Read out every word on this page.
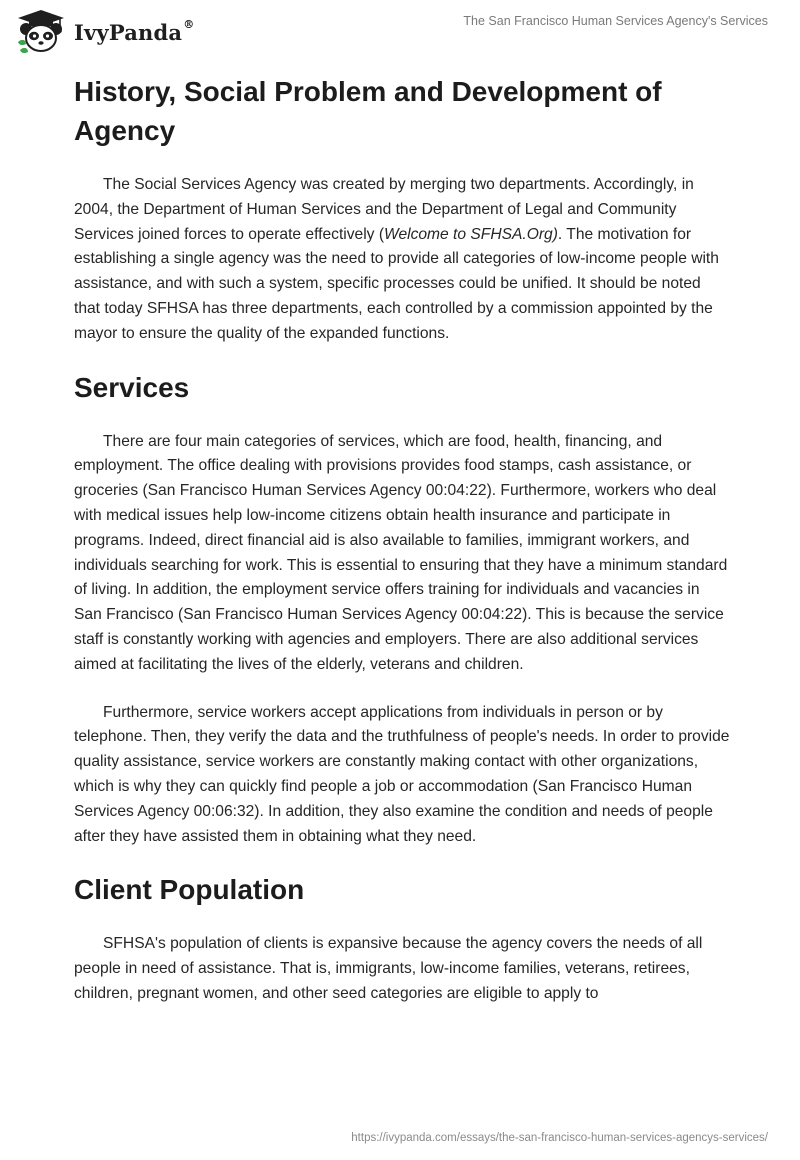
IvyPanda®	The San Francisco Human Services Agency's Services
History, Social Problem and Development of Agency

The Social Services Agency was created by merging two departments. Accordingly, in 2004, the Department of Human Services and the Department of Legal and Community Services joined forces to operate effectively (Welcome to SFHSA.Org). The motivation for establishing a single agency was the need to provide all categories of low-income people with assistance, and with such a system, specific processes could be unified. It should be noted that today SFHSA has three departments, each controlled by a commission appointed by the mayor to ensure the quality of the expanded functions.

Services

There are four main categories of services, which are food, health, financing, and employment. The office dealing with provisions provides food stamps, cash assistance, or groceries (San Francisco Human Services Agency 00:04:22). Furthermore, workers who deal with medical issues help low-income citizens obtain health insurance and participate in programs. Indeed, direct financial aid is also available to families, immigrant workers, and individuals searching for work. This is essential to ensuring that they have a minimum standard of living. In addition, the employment service offers training for individuals and vacancies in San Francisco (San Francisco Human Services Agency 00:04:22). This is because the service staff is constantly working with agencies and employers. There are also additional services aimed at facilitating the lives of the elderly, veterans and children.

Furthermore, service workers accept applications from individuals in person or by telephone. Then, they verify the data and the truthfulness of people's needs. In order to provide quality assistance, service workers are constantly making contact with other organizations, which is why they can quickly find people a job or accommodation (San Francisco Human Services Agency 00:06:32). In addition, they also examine the condition and needs of people after they have assisted them in obtaining what they need.

Client Population

SFHSA's population of clients is expansive because the agency covers the needs of all people in need of assistance. That is, immigrants, low-income families, veterans, retirees, children, pregnant women, and other seed categories are eligible to apply to

https://ivypanda.com/essays/the-san-francisco-human-services-agencys-services/
